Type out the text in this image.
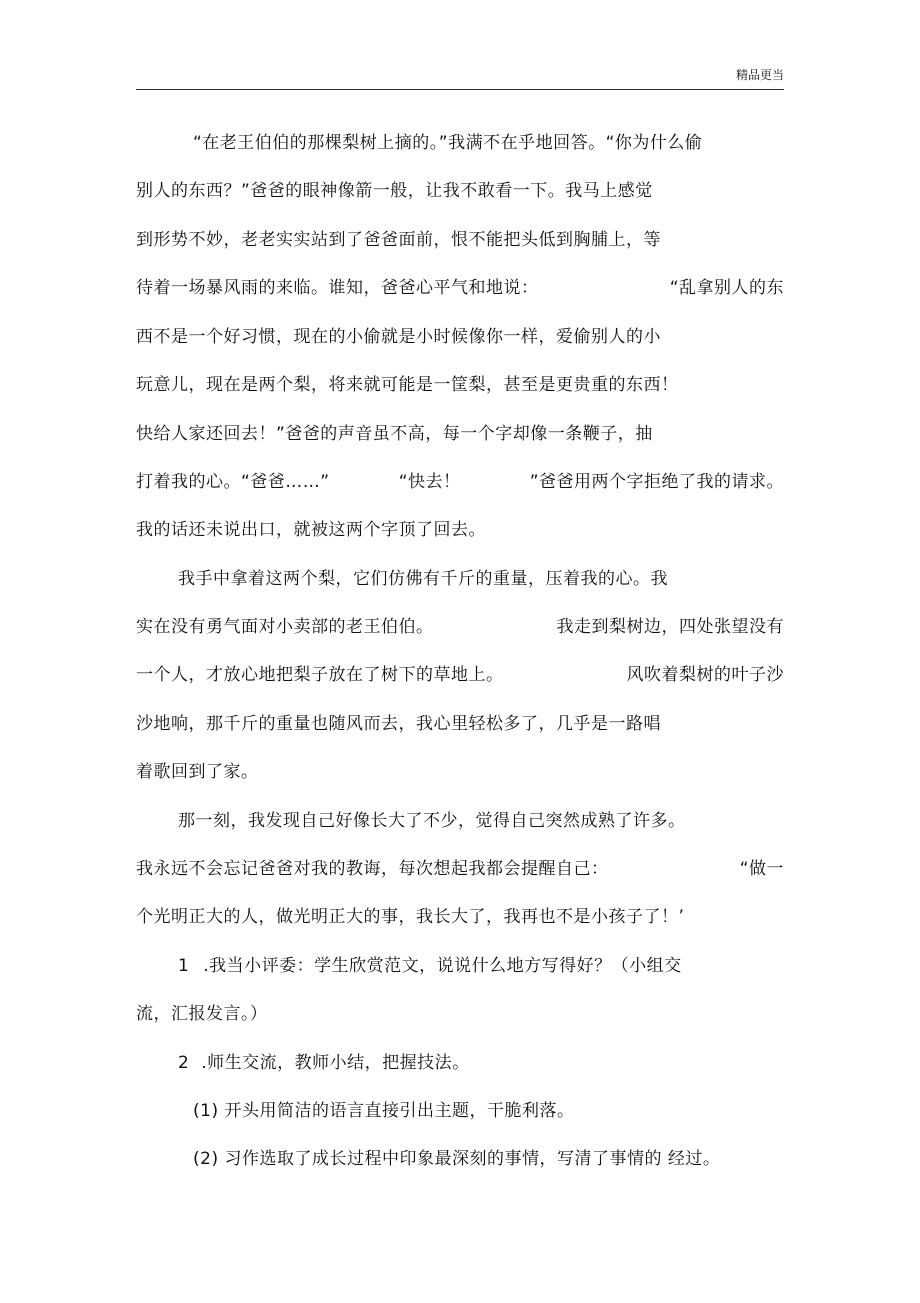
精品更当
“在老王伯伯的那棵梨树上摘的。”我满不在乎地回答。“你为什么偷
别人的东西？”爸爸的眼神像箭一般，让我不敢看一下。我马上感觉
到形势不妙，老老实实站到了爸爸面前，恨不能把头低到胸脯上，等
待着一场暴风雨的来临。谁知，爸爸心平气和地说：	“乱拿别人的东
西不是一个好习惯，现在的小偷就是小时候像你一样，爱偷别人的小
玩意儿，现在是两个梨，将来就可能是一筐梨，甚至是更贵重的东西！
快给人家还回去！”爸爸的声音虽不高，每一个字却像一条鞭子，抽
打着我的心。“爸爸……”	“快去！	”爸爸用两个字拒绝了我的请求。
我的话还未说出口，就被这两个字顶了回去。
我手中拿着这两个梨，它们仿佛有千斤的重量，压着我的心。我
实在没有勇气面对小卖部的老王伯伯。	我走到梨树边，四处张望没有
一个人，才放心地把梨子放在了树下的草地上。	风吹着梨树的叶子沙
沙地响，那千斤的重量也随风而去，我心里轻松多了，几乎是一路唱
着歌回到了家。
那一刻，我发现自己好像长大了不少，觉得自己突然成熟了许多。
我永远不会忘记爸爸对我的教诲，每次想起我都会提醒自己：	“做一
个光明正大的人，做光明正大的事，我长大了，我再也不是小孩子了！’
1 .我当小评委：学生欣赏范文，说说什么地方写得好？（小组交
流，汇报发言。）
2 .师生交流，教师小结，把握技法。
(1) 开头用简洁的语言直接引出主题，干脆利落。
(2) 习作选取了成长过程中印象最深刻的事情，写清了事情的 经过。
